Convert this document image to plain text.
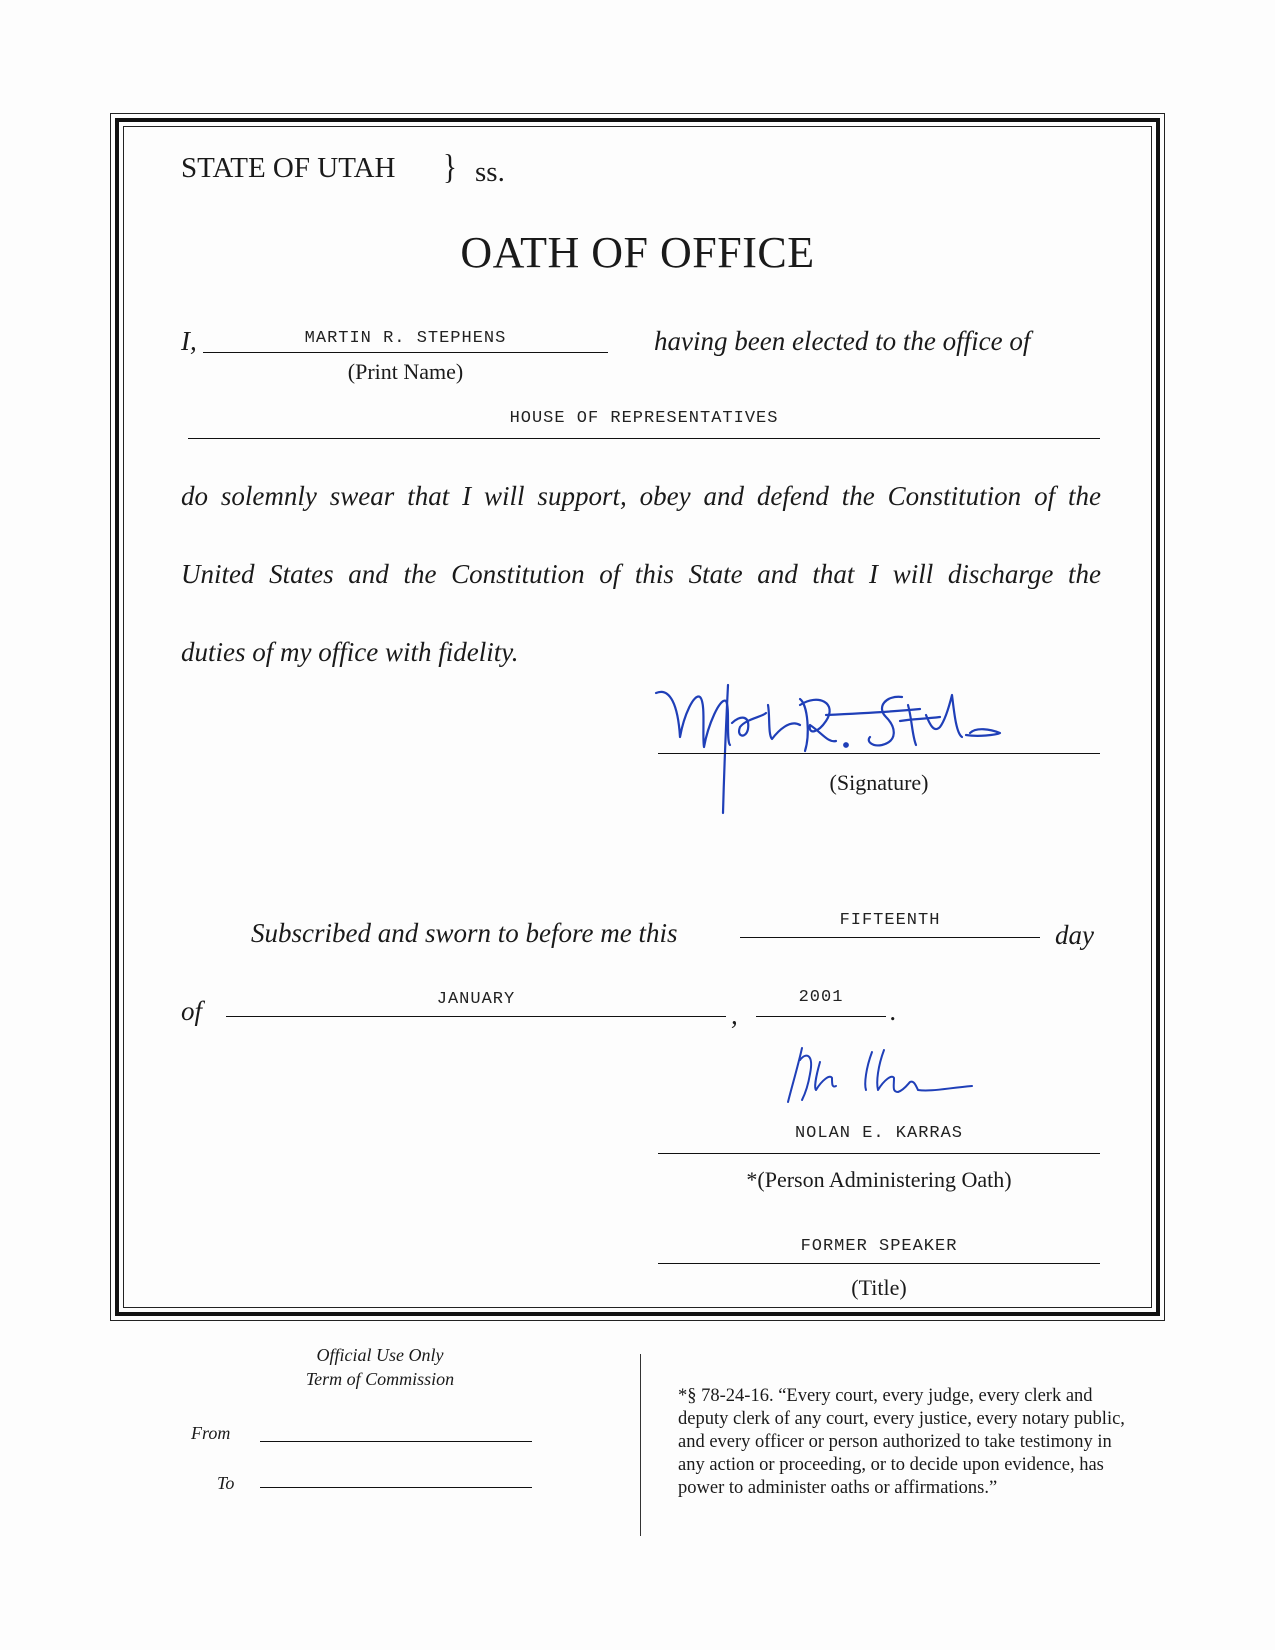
STATE OF UTAH } ss.
OATH OF OFFICE
I,	MARTIN R. STEPHENS
(Print Name)
having been elected to the office of
HOUSE OF REPRESENTATIVES
do solemnly swear that I will support, obey and defend the Constitution of the
United States and the Constitution of this State and that I will discharge the
duties of my office with fidelity.
(Signature)
Subscribed and sworn to before me this	FIFTEENTH	day
of	JANUARY
,
2001	.
NOLAN E. KARRAS
*(Person Administering Oath)
FORMER SPEAKER
(Title)
Official Use Only
Term of Commission
From
To
*§ 78-24-16. “Every court, every judge, every clerk and
deputy clerk of any court, every justice, every notary public,
and every officer or person authorized to take testimony in
any action or proceeding, or to decide upon evidence, has
power to administer oaths or affirmations.”
